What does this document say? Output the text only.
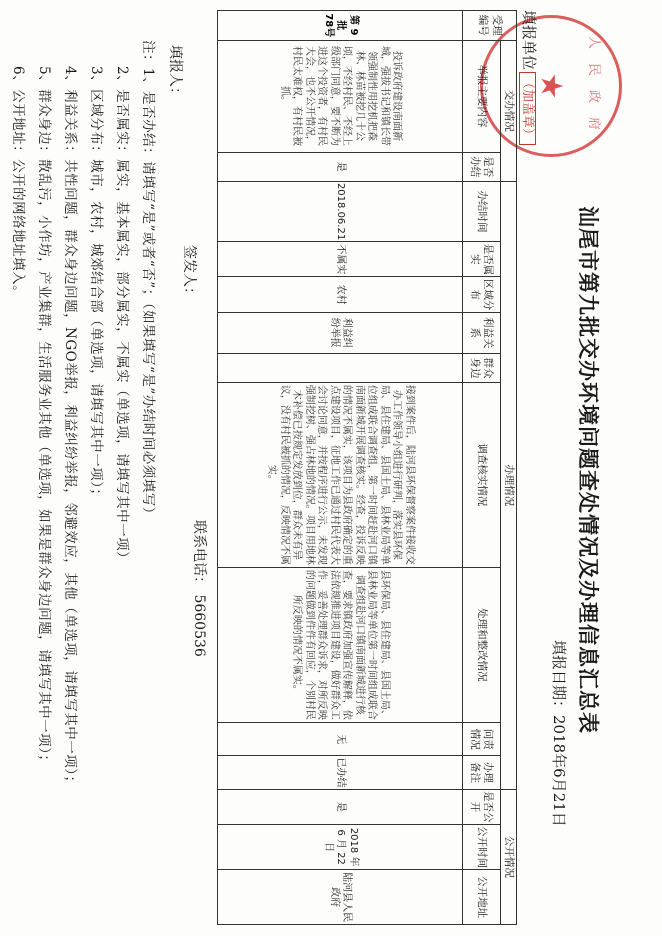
人民政府
★
汕尾市第九批交办环境问题查处情况及办理信息汇总表
填报日期：2018年6月21日
填报单位（加盖章）
受理编号	交办情况		办理情况									公开情况		
	举报主要内容	是否办结	办结时间	是否属实	区域分布	利益关系	群众身边	调查核实情况	处理和整改情况	问责情况	办理备注	是否公开	公开时间	公开地址
第 9 批 78号	投诉政府建设南面新城，强拔书记和镇长带领强制性用挖机把森林、林苗被挖几十公顷，不经村民、不经上级部门同意，要不断为进这个投资者，有村民大会，也不公开情况，村民太难权，有村民被抓。	是	2018.06.21	不属实	农村	利益纠纷举报		接到案件后，陆河县环保督察案件接收交办工作领导小组进行研判，落实县环保局、县住建局、县国土局、县林业局等单位组成联合调查组，第一时间赶赴河口镇南面新城开展调查核实。经查，投诉反映的情况不属实，该项目为县政府确定的重点建设项目，征地工作已通过村民代表大会讨论同意，并按程序进行公示，未发现强制挖树、强占林地的情况。项目用地林木补偿已按规定发放到位，群众未有异议，没有村民被抓的情况，反映情况不属实。	县环保局、县住建局、县国土局、县林业局等单位第一时间组成联合调查组赴河口镇南面新城进行核查，要求镇政府加强宣传解释，依法依规推进项目建设，做好群众工作，妥善处理群众诉求，对所反映的问题做到件件有回应，个别村民所反映的情况不属实。	无	已办结	是	2018 年 6 月 22 日	陆河县人民政府
填报人：
签发人：
联系电话： 5660536
注：1、是否办结：请填写“是”或者“否”；（如果填写“是”办结时间必须填写）
2、是否属实：属实，基本属实，部分属实，不属实（单选项，请填写其中一项）
3、区域分布：城市，农村，城郊结合部（单选项，请填写其中一项）；
4、利益关系：共性问题，群众身边问题，NGO举报，利益纠纷举报，邻避效应，其他（单选项，请填写其中一项）；
5、群众身边：散乱污，小作坊，产业集群，生活服务业其他（单选项，如果是群众身边问题，请填写其中一项）；
6、公开地址：公开的网络地址填入。
